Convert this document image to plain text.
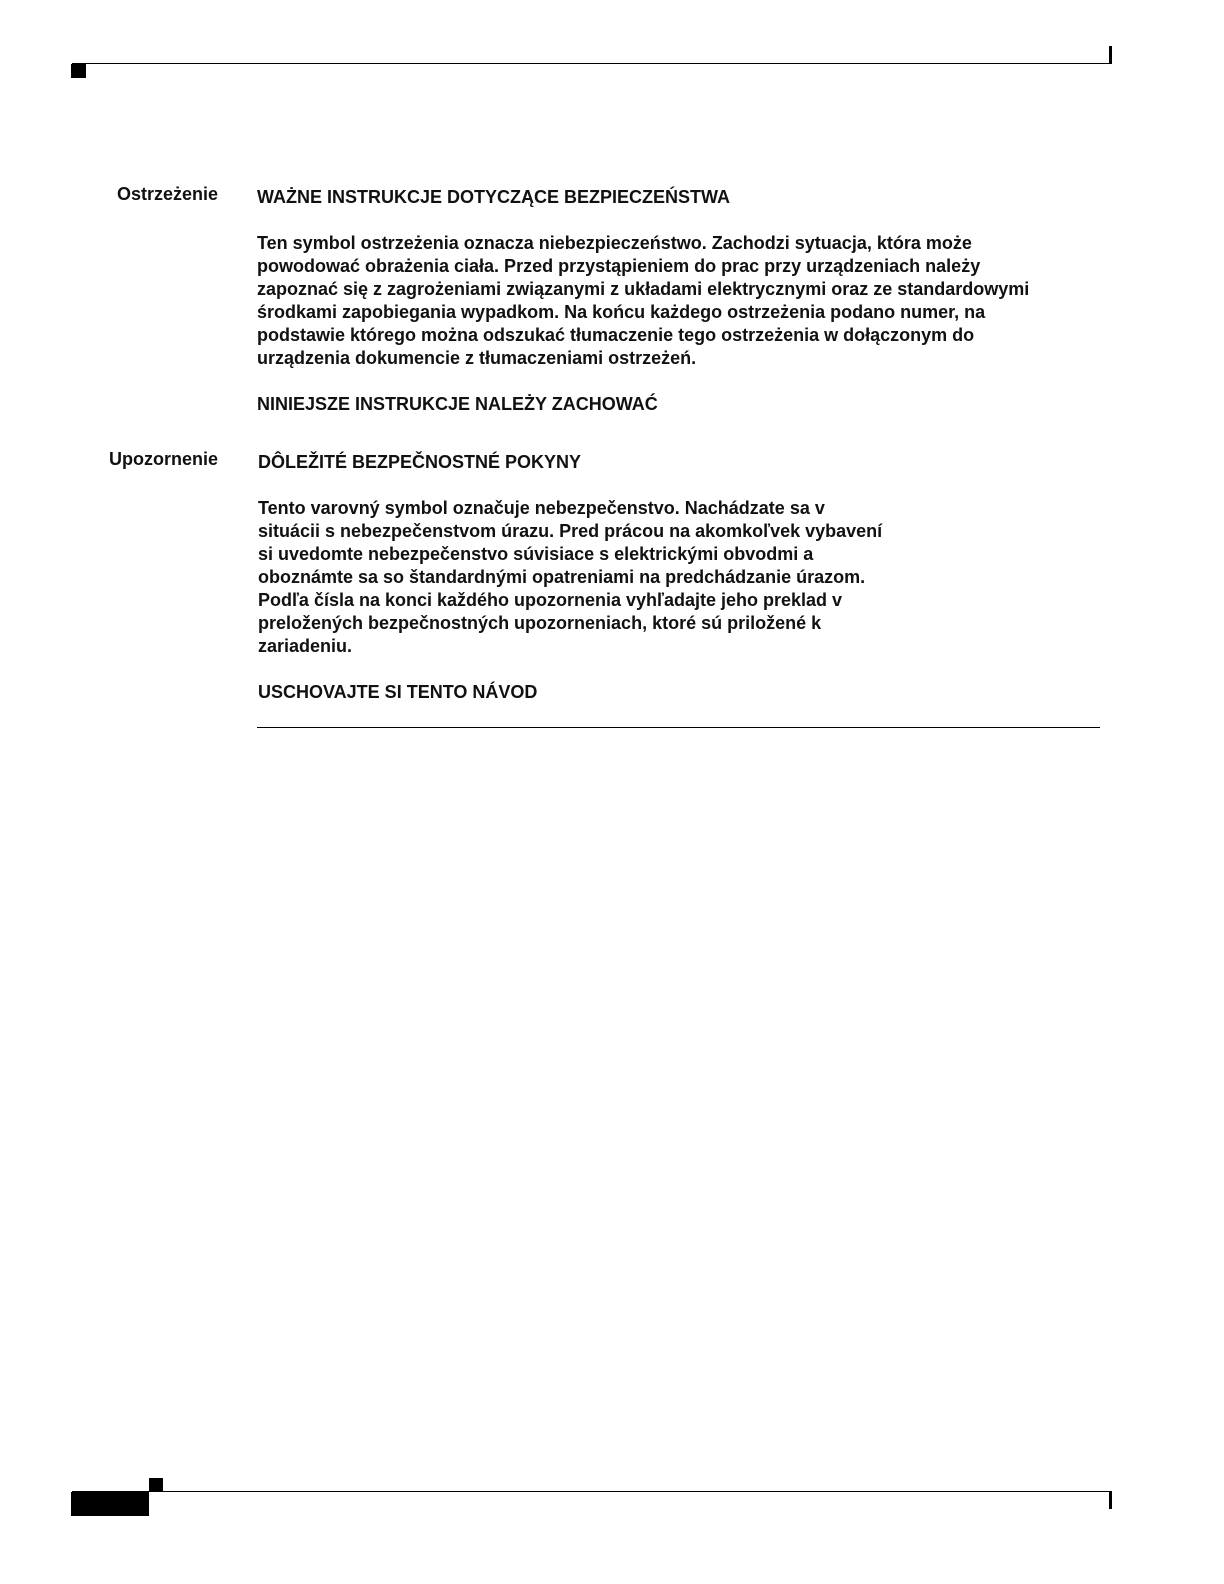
Ostrzeżenie WAŻNE INSTRUKCJE DOTYCZĄCE BEZPIECZEŃSTWA
Ten symbol ostrzeżenia oznacza niebezpieczeństwo. Zachodzi sytuacja, która może
powodować obrażenia ciała. Przed przystąpieniem do prac przy urządzeniach należy
zapoznać się z zagrożeniami związanymi z układami elektrycznymi oraz ze standardowymi
środkami zapobiegania wypadkom. Na końcu każdego ostrzeżenia podano numer, na
podstawie którego można odszukać tłumaczenie tego ostrzeżenia w dołączonym do
urządzenia dokumencie z tłumaczeniami ostrzeżeń.
NINIEJSZE INSTRUKCJE NALEŻY ZACHOWAĆ
Upozornenie DÔLEŽITÉ BEZPEČNOSTNÉ POKYNY
Tento varovný symbol označuje nebezpečenstvo. Nachádzate sa v
situácii s nebezpečenstvom úrazu. Pred prácou na akomkoľvek vybavení
si uvedomte nebezpečenstvo súvisiace s elektrickými obvodmi a
oboznámte sa so štandardnými opatreniami na predchádzanie úrazom.
Podľa čísla na konci každého upozornenia vyhľadajte jeho preklad v
preložených bezpečnostných upozorneniach, ktoré sú priložené k
zariadeniu.
USCHOVAJTE SI TENTO NÁVOD
